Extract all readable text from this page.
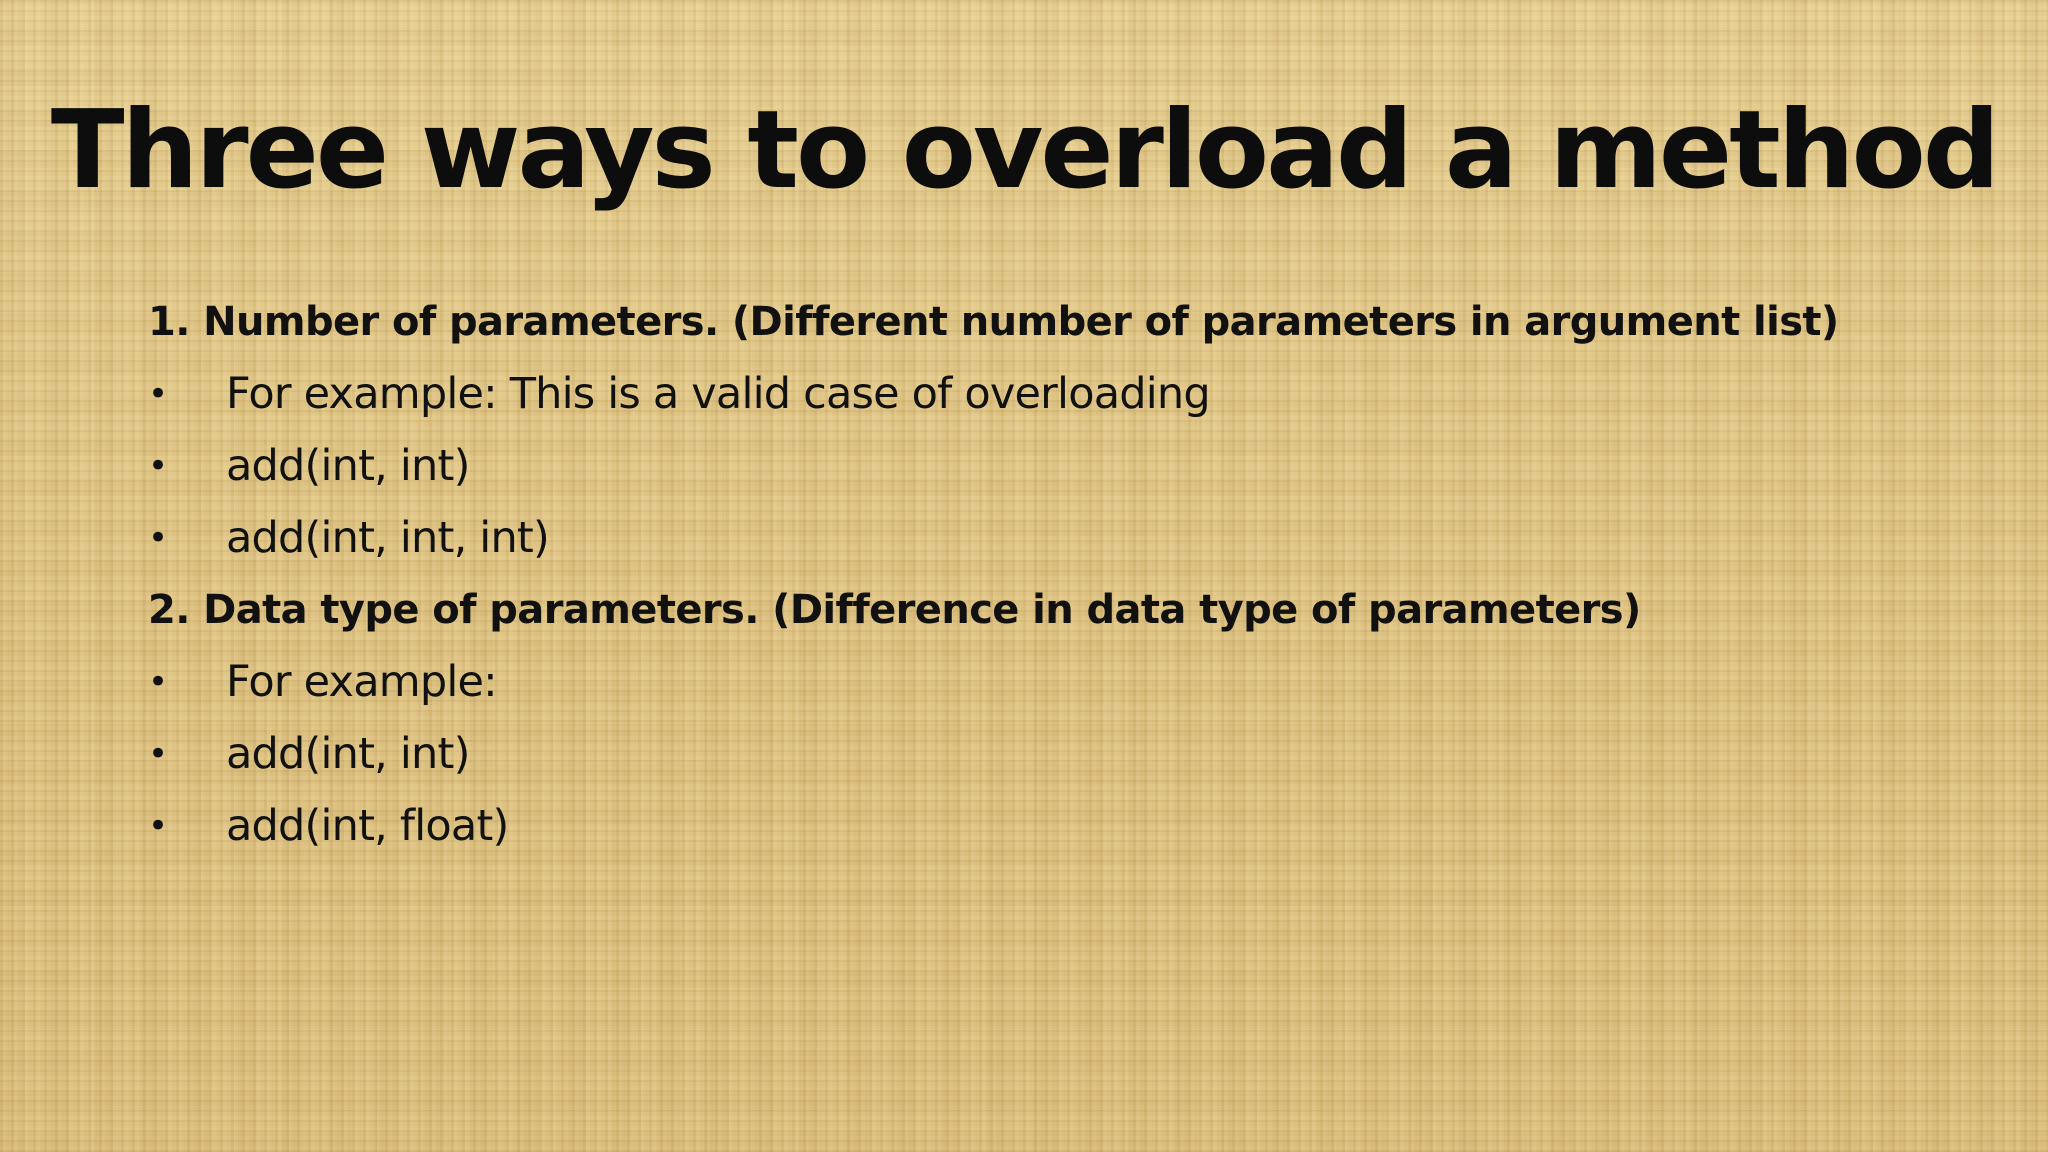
Three ways to overload a method
1. Number of parameters. (Different number of parameters in argument list)
•	For example: This is a valid case of overloading
•	add(int, int)
•	add(int, int, int)
2. Data type of parameters. (Difference in data type of parameters)
•	For example:
•	add(int, int)
•	add(int, float)
